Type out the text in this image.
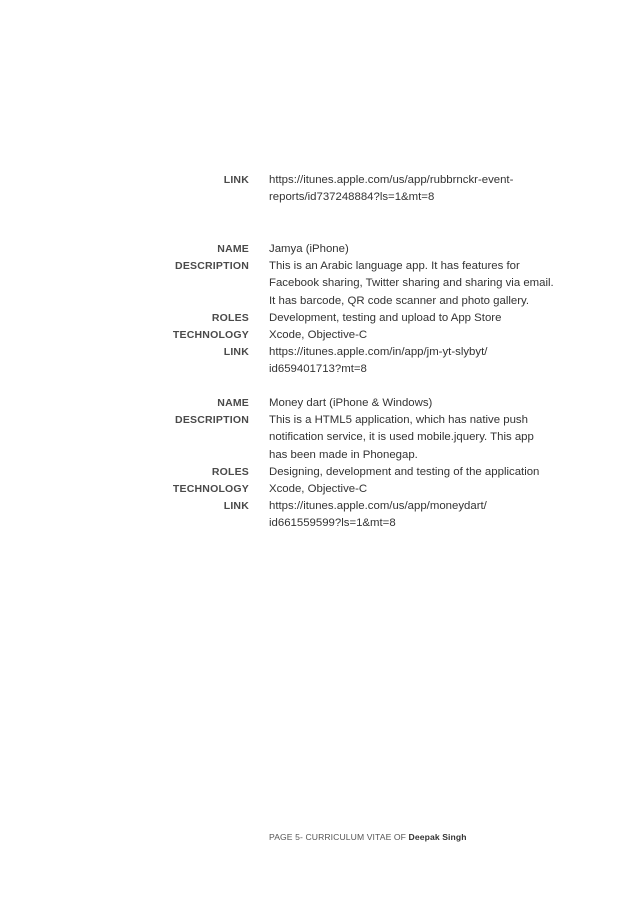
LINK https://itunes.apple.com/us/app/rubbrnckr-event-
reports/id737248884?ls=1&mt=8
NAME Jamya (iPhone)
DESCRIPTION This is an Arabic language app. It has features for
Facebook sharing, Twitter sharing and sharing via email.
It has barcode, QR code scanner and photo gallery.
ROLES Development, testing and upload to App Store
TECHNOLOGY Xcode, Objective-C
LINK https://itunes.apple.com/in/app/jm-yt-slybyt/
id659401713?mt=8
NAME Money dart (iPhone & Windows)
DESCRIPTION This is a HTML5 application, which has native push
notification service, it is used mobile.jquery. This app
has been made in Phonegap.
ROLES Designing, development and testing of the application
TECHNOLOGY Xcode, Objective-C
LINK https://itunes.apple.com/us/app/moneydart/
id661559599?ls=1&mt=8
PAGE 5- CURRICULUM VITAE OF Deepak Singh
